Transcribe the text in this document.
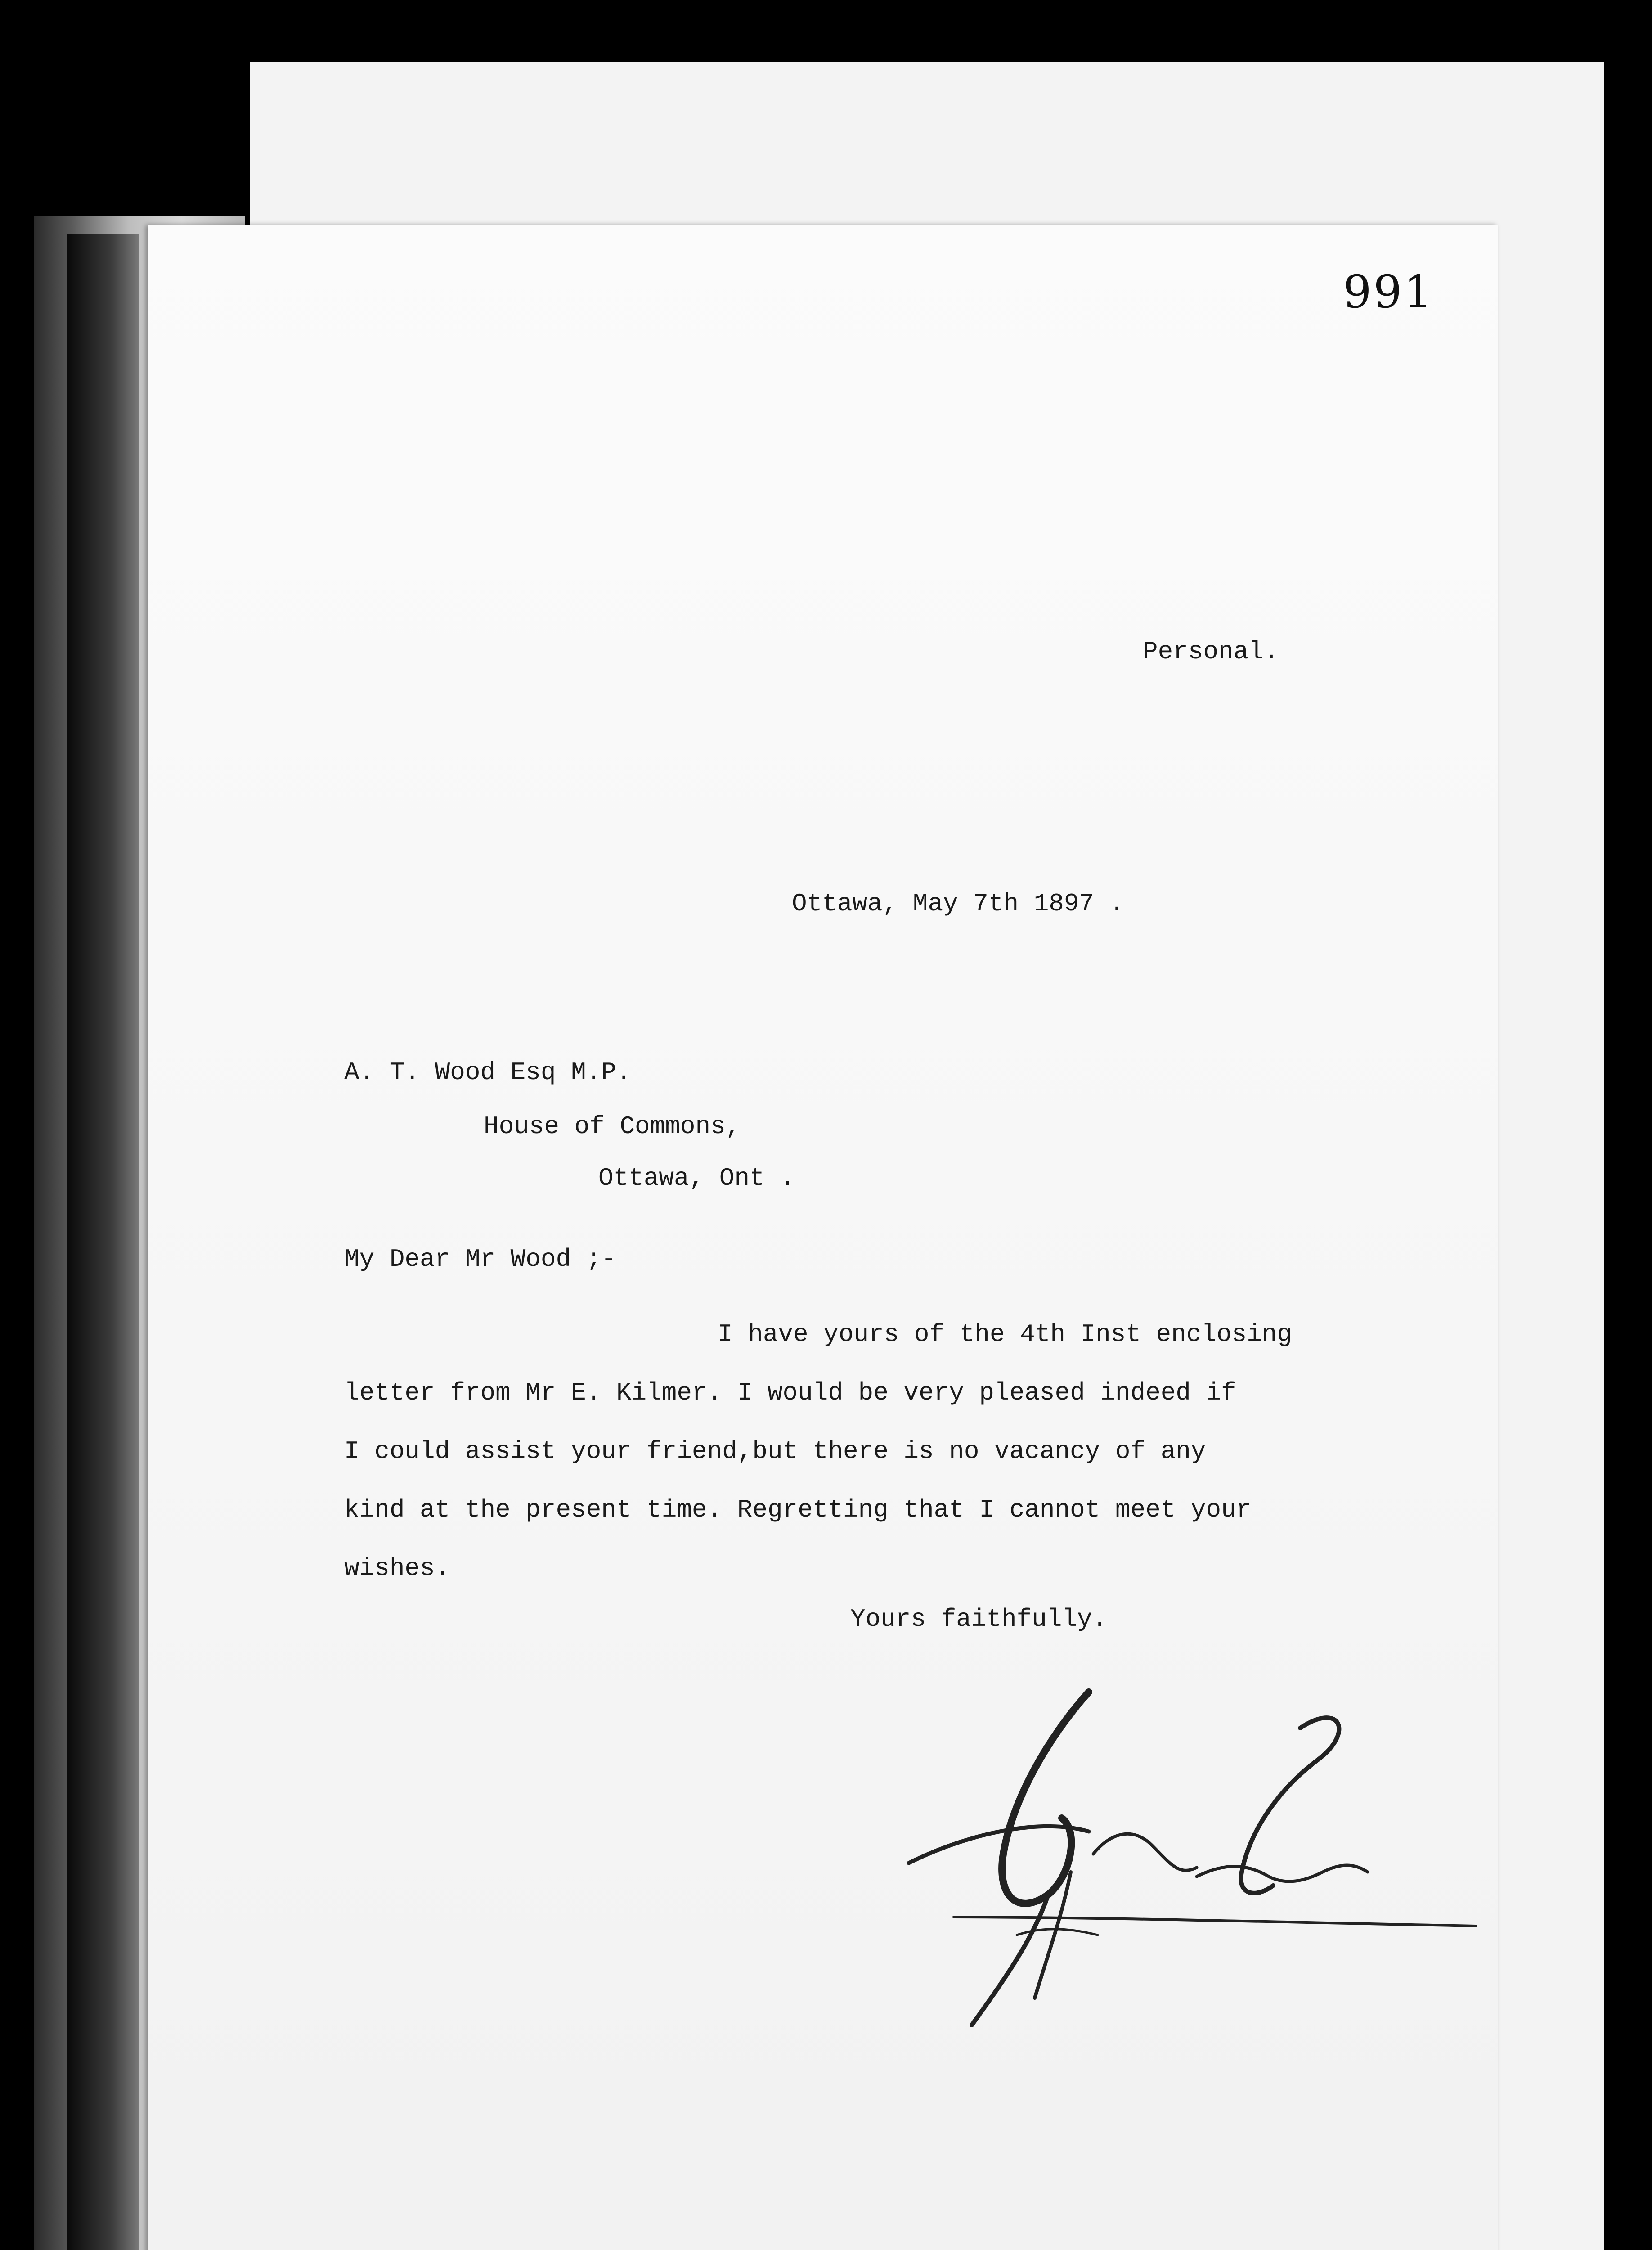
991
Personal.
Ottawa, May 7th 1897 .
A. T. Wood Esq M.P.
House of Commons,
Ottawa, Ont .
My Dear Mr Wood ;-
I have yours of the 4th Inst enclosing
letter from Mr E. Kilmer. I would be very pleased indeed if
I could assist your friend,but there is no vacancy of any
kind at the present time. Regretting that I cannot meet your
wishes.
Yours faithfully.
Clifford Sifton
